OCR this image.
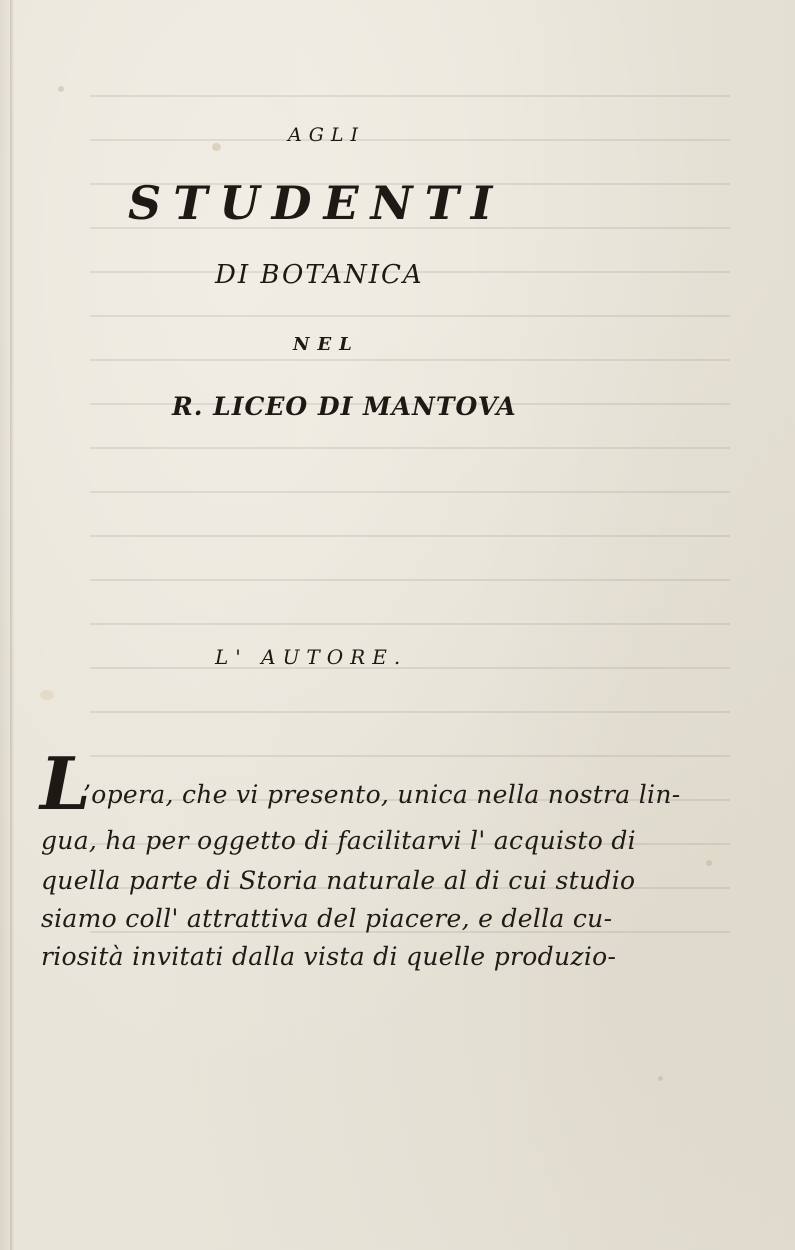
AGLI
STUDENTI
DI BOTANICA
NEL
R. LICEO DI MANTOVA
L' AUTORE.
L
’opera, che vi presento, unica nella nostra lin-
gua, ha per oggetto di facilitarvi l' acquisto di
quella parte di Storia naturale al di cui studio
siamo coll' attrattiva del piacere, e della cu-
riosità invitati dalla vista di quelle produzio-
